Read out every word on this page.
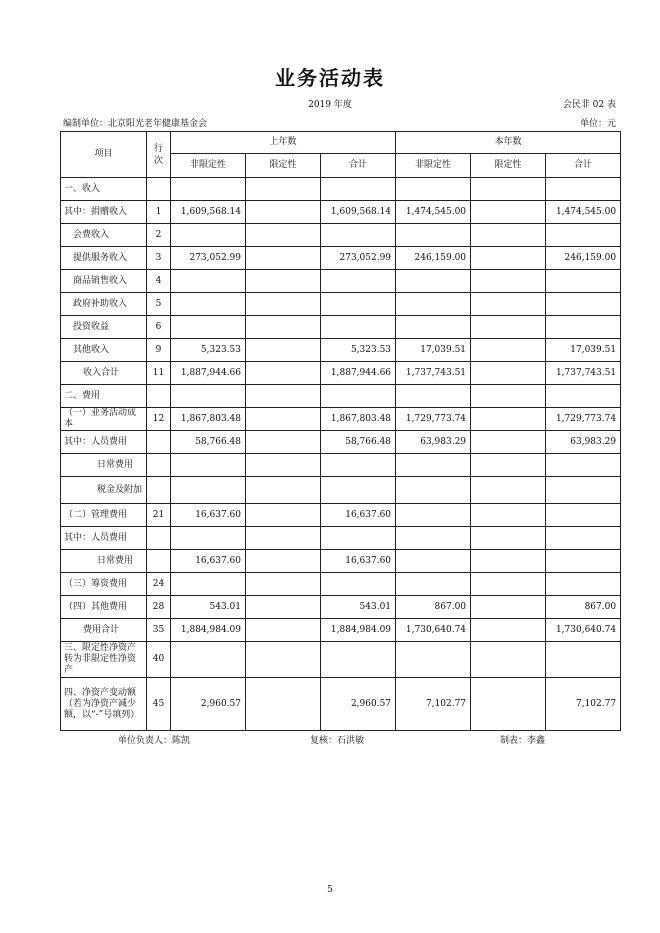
业务活动表
2019 年度	会民非 02 表
编制单位：北京阳光老年健康基金会	单位：元
项目	行次	上年数			本年数		
		非限定性	限定性	合计	非限定性	限定性	合计
一、收入							
其中：捐赠收入	1	1,609,568.14		1,609,568.14	1,474,545.00		1,474,545.00
会费收入	2						
提供服务收入	3	273,052.99		273,052.99	246,159.00		246,159.00
商品销售收入	4						
政府补助收入	5						
投资收益	6						
其他收入	9	5,323.53		5,323.53	17,039.51		17,039.51
收入合计	11	1,887,944.66		1,887,944.66	1,737,743.51		1,737,743.51
二、费用							
（一）业务活动成本	12	1,867,803.48		1,867,803.48	1,729,773.74		1,729,773.74
其中：人员费用		58,766.48		58,766.48	63,983.29		63,983.29
日常费用							
税金及附加							
（二）管理费用	21	16,637.60		16,637.60			
其中：人员费用							
日常费用		16,637.60		16,637.60			
（三）筹资费用	24						
（四）其他费用	28	543.01		543.01	867.00		867.00
费用合计	35	1,884,984.09		1,884,984.09	1,730,640.74		1,730,640.74
三、限定性净资产转为非限定性净资产	40						
四、净资产变动额（若为净资产减少额，以“-”号填列）	45	2,960.57		2,960.57	7,102.77		7,102.77
单位负责人：陈凯	复核：石洪敏	制表：李鑫
5
